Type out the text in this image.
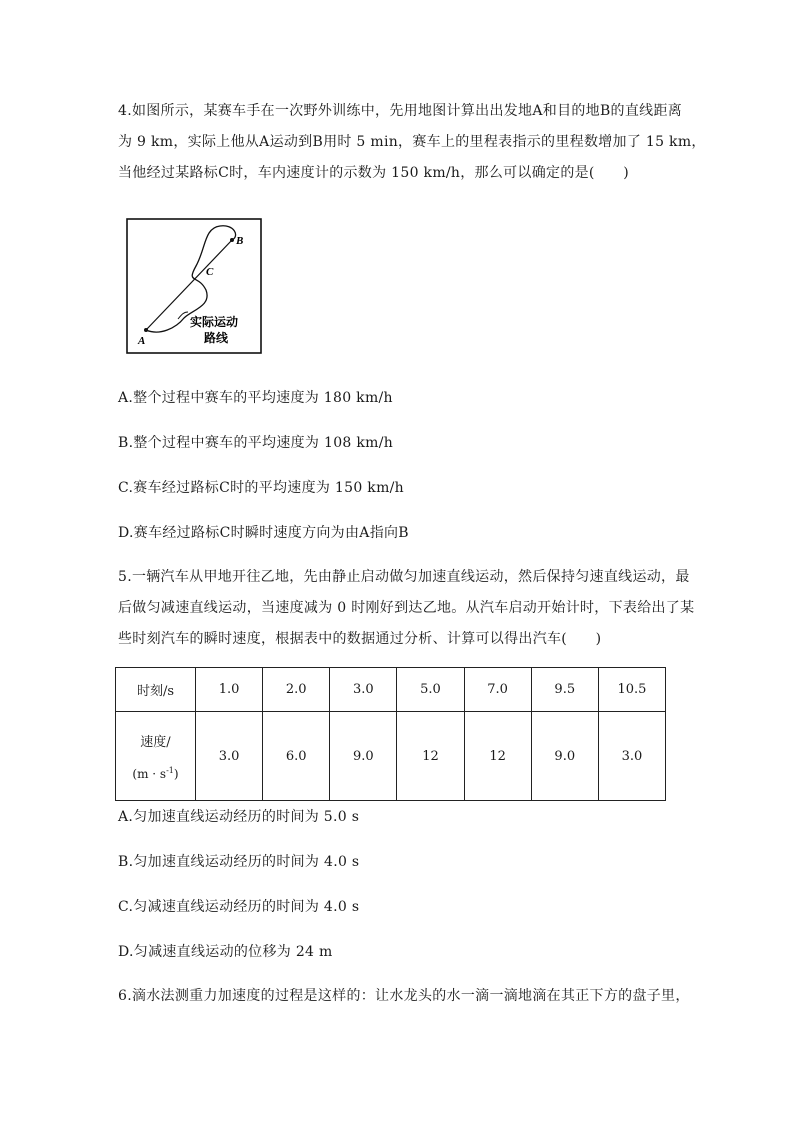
4.如图所示，某赛车手在一次野外训练中，先用地图计算出出发地A和目的地B的直线距离
为 9 km，实际上他从A运动到B用时 5 min，赛车上的里程表指示的里程数增加了 15 km，
当他经过某路标C时，车内速度计的示数为 150 km/h，那么可以确定的是(　　)
A
B
C
实际运动
路线
A.整个过程中赛车的平均速度为 180 km/h
B.整个过程中赛车的平均速度为 108 km/h
C.赛车经过路标C时的平均速度为 150 km/h
D.赛车经过路标C时瞬时速度方向为由A指向B
5.一辆汽车从甲地开往乙地，先由静止启动做匀加速直线运动，然后保持匀速直线运动，最
后做匀减速直线运动，当速度减为 0 时刚好到达乙地。从汽车启动开始计时，下表给出了某
些时刻汽车的瞬时速度，根据表中的数据通过分析、计算可以得出汽车(　　)
时刻/s	1.0	2.0	3.0	5.0	7.0	9.5	10.5

速度/
$(m \cdot s^{-1})$	3.0	6.0	9.0	12	12	9.0	3.0
A.匀加速直线运动经历的时间为 5.0 s
B.匀加速直线运动经历的时间为 4.0 s
C.匀减速直线运动经历的时间为 4.0 s
D.匀减速直线运动的位移为 24 m
6.滴水法测重力加速度的过程是这样的：让水龙头的水一滴一滴地滴在其正下方的盘子里，
